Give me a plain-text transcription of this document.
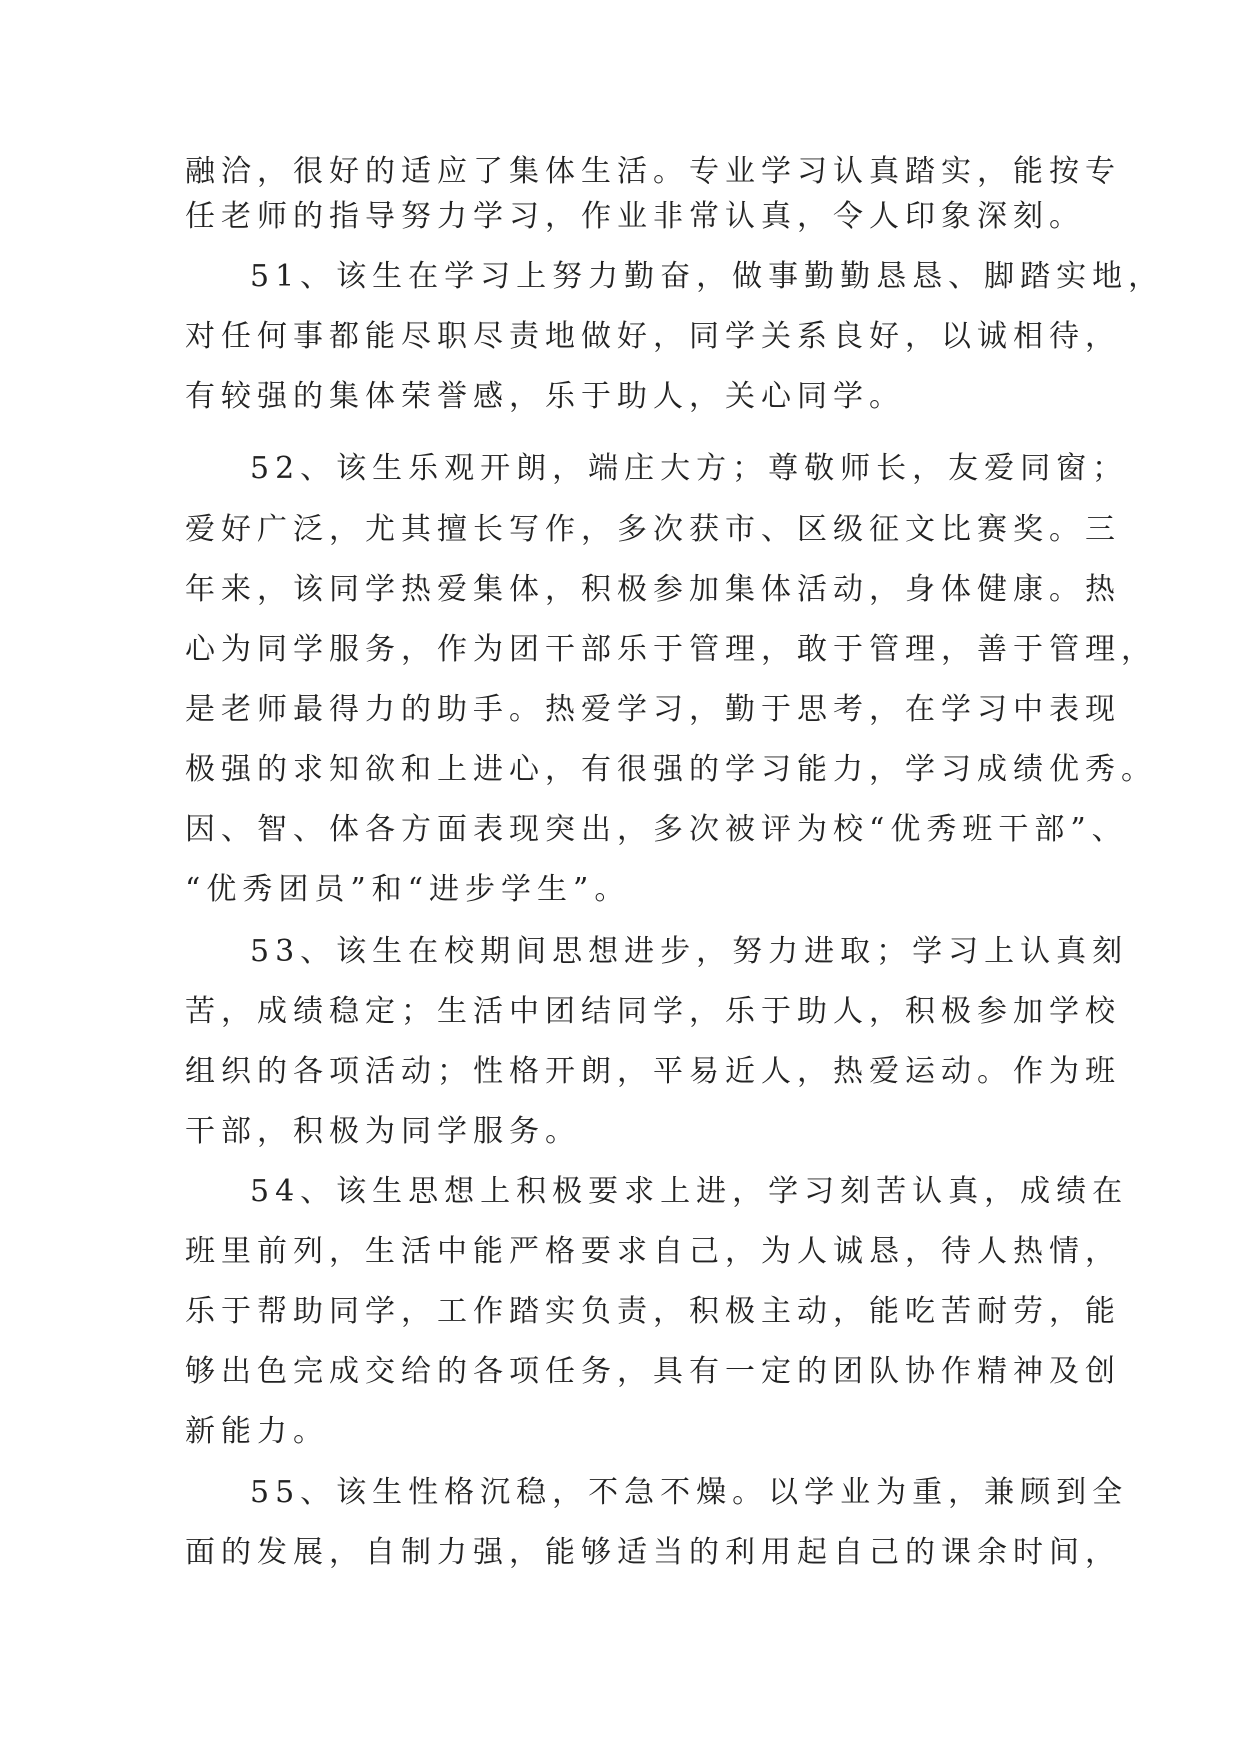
融洽，很好的适应了集体生活。专业学习认真踏实，能按专
任老师的指导努力学习，作业非常认真，令人印象深刻。
51、该生在学习上努力勤奋，做事勤勤恳恳、脚踏实地，
对任何事都能尽职尽责地做好，同学关系良好，以诚相待，
有较强的集体荣誉感，乐于助人，关心同学。
52、该生乐观开朗，端庄大方；尊敬师长，友爱同窗；
爱好广泛，尤其擅长写作，多次获市、区级征文比赛奖。三
年来，该同学热爱集体，积极参加集体活动，身体健康。热
心为同学服务，作为团干部乐于管理，敢于管理，善于管理，
是老师最得力的助手。热爱学习，勤于思考，在学习中表现
极强的求知欲和上进心，有很强的学习能力，学习成绩优秀。
因、智、体各方面表现突出，多次被评为校“优秀班干部”、
“优秀团员”和“进步学生”。
53、该生在校期间思想进步，努力进取；学习上认真刻
苦，成绩稳定；生活中团结同学，乐于助人，积极参加学校
组织的各项活动；性格开朗，平易近人，热爱运动。作为班
干部，积极为同学服务。
54、该生思想上积极要求上进，学习刻苦认真，成绩在
班里前列，生活中能严格要求自己，为人诚恳，待人热情，
乐于帮助同学，工作踏实负责，积极主动，能吃苦耐劳，能
够出色完成交给的各项任务，具有一定的团队协作精神及创
新能力。
55、该生性格沉稳，不急不燥。以学业为重，兼顾到全
面的发展，自制力强，能够适当的利用起自己的课余时间，
